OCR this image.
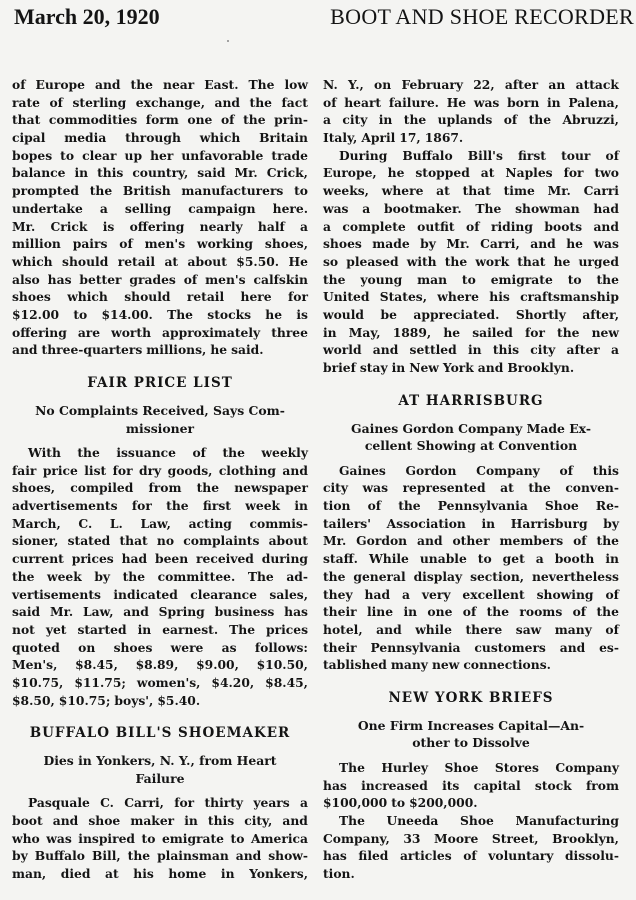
March 20, 1920	BOOT AND SHOE RECORDER
of Europe and the near East. The low
rate of sterling exchange, and the fact
that commodities form one of the prin-
cipal media through which Britain
bopes to clear up her unfavorable trade
balance in this country, said Mr. Crick,
prompted the British manufacturers to
undertake a selling campaign here.
Mr. Crick is offering nearly half a
million pairs of men's working shoes,
which should retail at about $5.50. He
also has better grades of men's calfskin
shoes which should retail here for
$12.00 to $14.00. The stocks he is
offering are worth approximately three
and three-quarters millions, he said.
FAIR PRICE LIST
No Complaints Received, Says Com-
missioner
With the issuance of the weekly
fair price list for dry goods, clothing and
shoes, compiled from the newspaper
advertisements for the first week in
March, C. L. Law, acting commis-
sioner, stated that no complaints about
current prices had been received during
the week by the committee. The ad-
vertisements indicated clearance sales,
said Mr. Law, and Spring business has
not yet started in earnest. The prices
quoted on shoes were as follows:
Men's, $8.45, $8.89, $9.00, $10.50,
$10.75, $11.75; women's, $4.20, $8.45,
$8.50, $10.75; boys', $5.40.
BUFFALO BILL'S SHOEMAKER
Dies in Yonkers, N. Y., from Heart
Failure
Pasquale C. Carri, for thirty years a
boot and shoe maker in this city, and
who was inspired to emigrate to America
by Buffalo Bill, the plainsman and show-
man, died at his home in Yonkers,
N. Y., on February 22, after an attack
of heart failure. He was born in Palena,
a city in the uplands of the Abruzzi,
Italy, April 17, 1867.
During Buffalo Bill's first tour of
Europe, he stopped at Naples for two
weeks, where at that time Mr. Carri
was a bootmaker. The showman had
a complete outfit of riding boots and
shoes made by Mr. Carri, and he was
so pleased with the work that he urged
the young man to emigrate to the
United States, where his craftsmanship
would be appreciated. Shortly after,
in May, 1889, he sailed for the new
world and settled in this city after a
brief stay in New York and Brooklyn.
AT HARRISBURG
Gaines Gordon Company Made Ex-
cellent Showing at Convention
Gaines Gordon Company of this
city was represented at the conven-
tion of the Pennsylvania Shoe Re-
tailers' Association in Harrisburg by
Mr. Gordon and other members of the
staff. While unable to get a booth in
the general display section, nevertheless
they had a very excellent showing of
their line in one of the rooms of the
hotel, and while there saw many of
their Pennsylvania customers and es-
tablished many new connections.
NEW YORK BRIEFS
One Firm Increases Capital—An-
other to Dissolve
The Hurley Shoe Stores Company
has increased its capital stock from
$100,000 to $200,000.
The Uneeda Shoe Manufacturing
Company, 33 Moore Street, Brooklyn,
has filed articles of voluntary dissolu-
tion.
